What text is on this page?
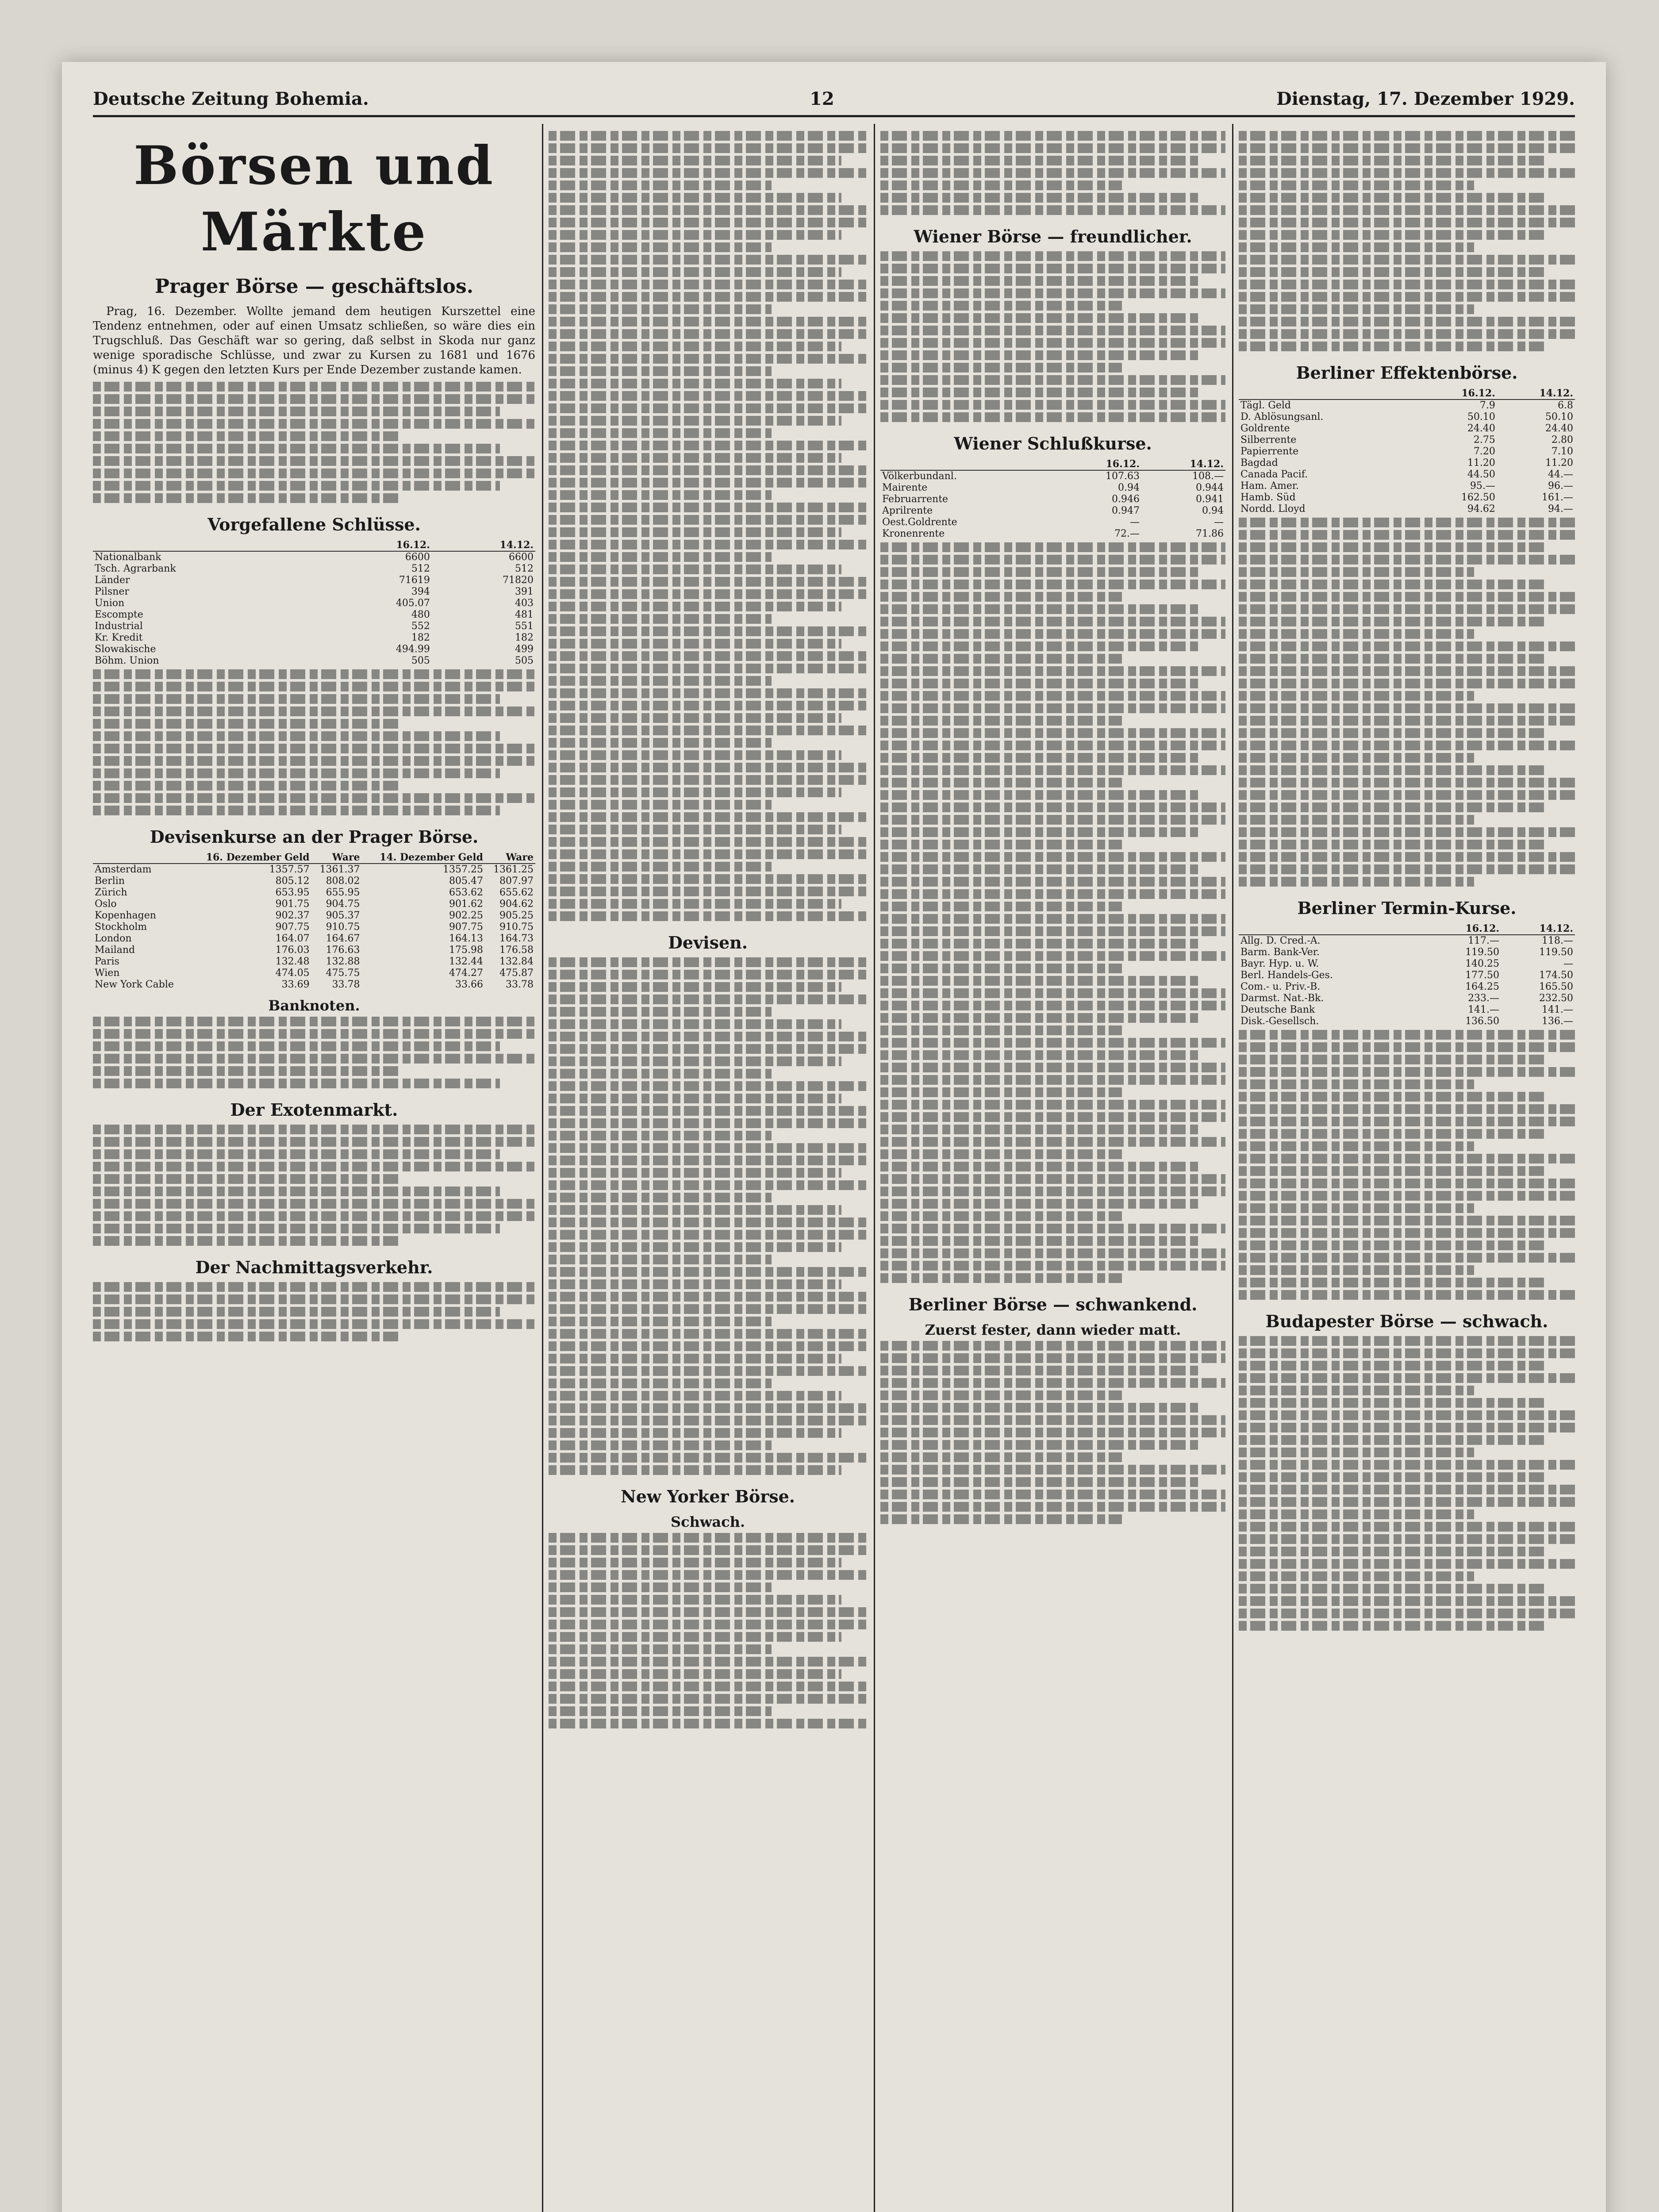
Deutsche Zeitung Bohemia.	12	Dienstag, 17. Dezember 1929.
Börsen und Märkte
Prager Börse — geschäftslos.

Prag, 16. Dezember. Wollte jemand dem heutigen Kurszettel eine Tendenz entnehmen, oder auf einen Umsatz schließen, so wäre dies ein Trugschluß. Das Geschäft war so gering, daß selbst in Skoda nur ganz wenige sporadische Schlüsse, und zwar zu Kursen zu 1681 und 1676 (minus 4) K gegen den letzten Kurs per Ende Dezember zustande kamen.

Vorgefallene Schlüsse.
	16.12.	14.12.
Nationalbank	6600	6600
Tsch. Agrarbank	512	512
Länder	71619	71820
Pilsner	394	391
Union	405.07	403
Escompte	480	481
Industrial	552	551
Kr. Kredit	182	182
Slowakische	494.99	499
Böhm. Union	505	505
Devisenkurse an der Prager Börse.
	16. Dezember Geld	Ware	14. Dezember Geld	Ware
Amsterdam	1357.57	1361.37	1357.25	1361.25
Berlin	805.12	808.02	805.47	807.97
Zürich	653.95	655.95	653.62	655.62
Oslo	901.75	904.75	901.62	904.62
Kopenhagen	902.37	905.37	902.25	905.25
Stockholm	907.75	910.75	907.75	910.75
London	164.07	164.67	164.13	164.73
Mailand	176.03	176.63	175.98	176.58
Paris	132.48	132.88	132.44	132.84
Wien	474.05	475.75	474.27	475.87
New York Cable	33.69	33.78	33.66	33.78
Banknoten.
Der Exotenmarkt.
Der Nachmittagsverkehr.
Devisen.
New Yorker Börse.
Schwach.
Wiener Börse — freundlicher.
Wiener Schlußkurse.
	16.12.	14.12.
Völkerbundanl.	107.63	108.—
Mairente	0.94	0.944
Februarrente	0.946	0.941
Aprilrente	0.947	0.94
Oest.Goldrente	—	—
Kronenrente	72.—	71.86
Berliner Börse — schwankend.
Zuerst fester, dann wieder matt.
Berliner Effektenbörse.
	16.12.	14.12.
Tägl. Geld	7.9	6.8
D. Ablösungsanl.	50.10	50.10
Goldrente	24.40	24.40
Silberrente	2.75	2.80
Papierrente	7.20	7.10
Bagdad	11.20	11.20
Canada Pacif.	44.50	44.—
Ham. Amer.	95.—	96.—
Hamb. Süd	162.50	161.—
Nordd. Lloyd	94.62	94.—
Berliner Termin-Kurse.
	16.12.	14.12.
Allg. D. Cred.-A.	117.—	118.—
Barm. Bank-Ver.	119.50	119.50
Bayr. Hyp. u. W.	140.25	—
Berl. Handels-Ges.	177.50	174.50
Com.- u. Priv.-B.	164.25	165.50
Darmst. Nat.-Bk.	233.—	232.50
Deutsche Bank	141.—	141.—
Disk.-Gesellsch.	136.50	136.—
Budapester Börse — schwach.
